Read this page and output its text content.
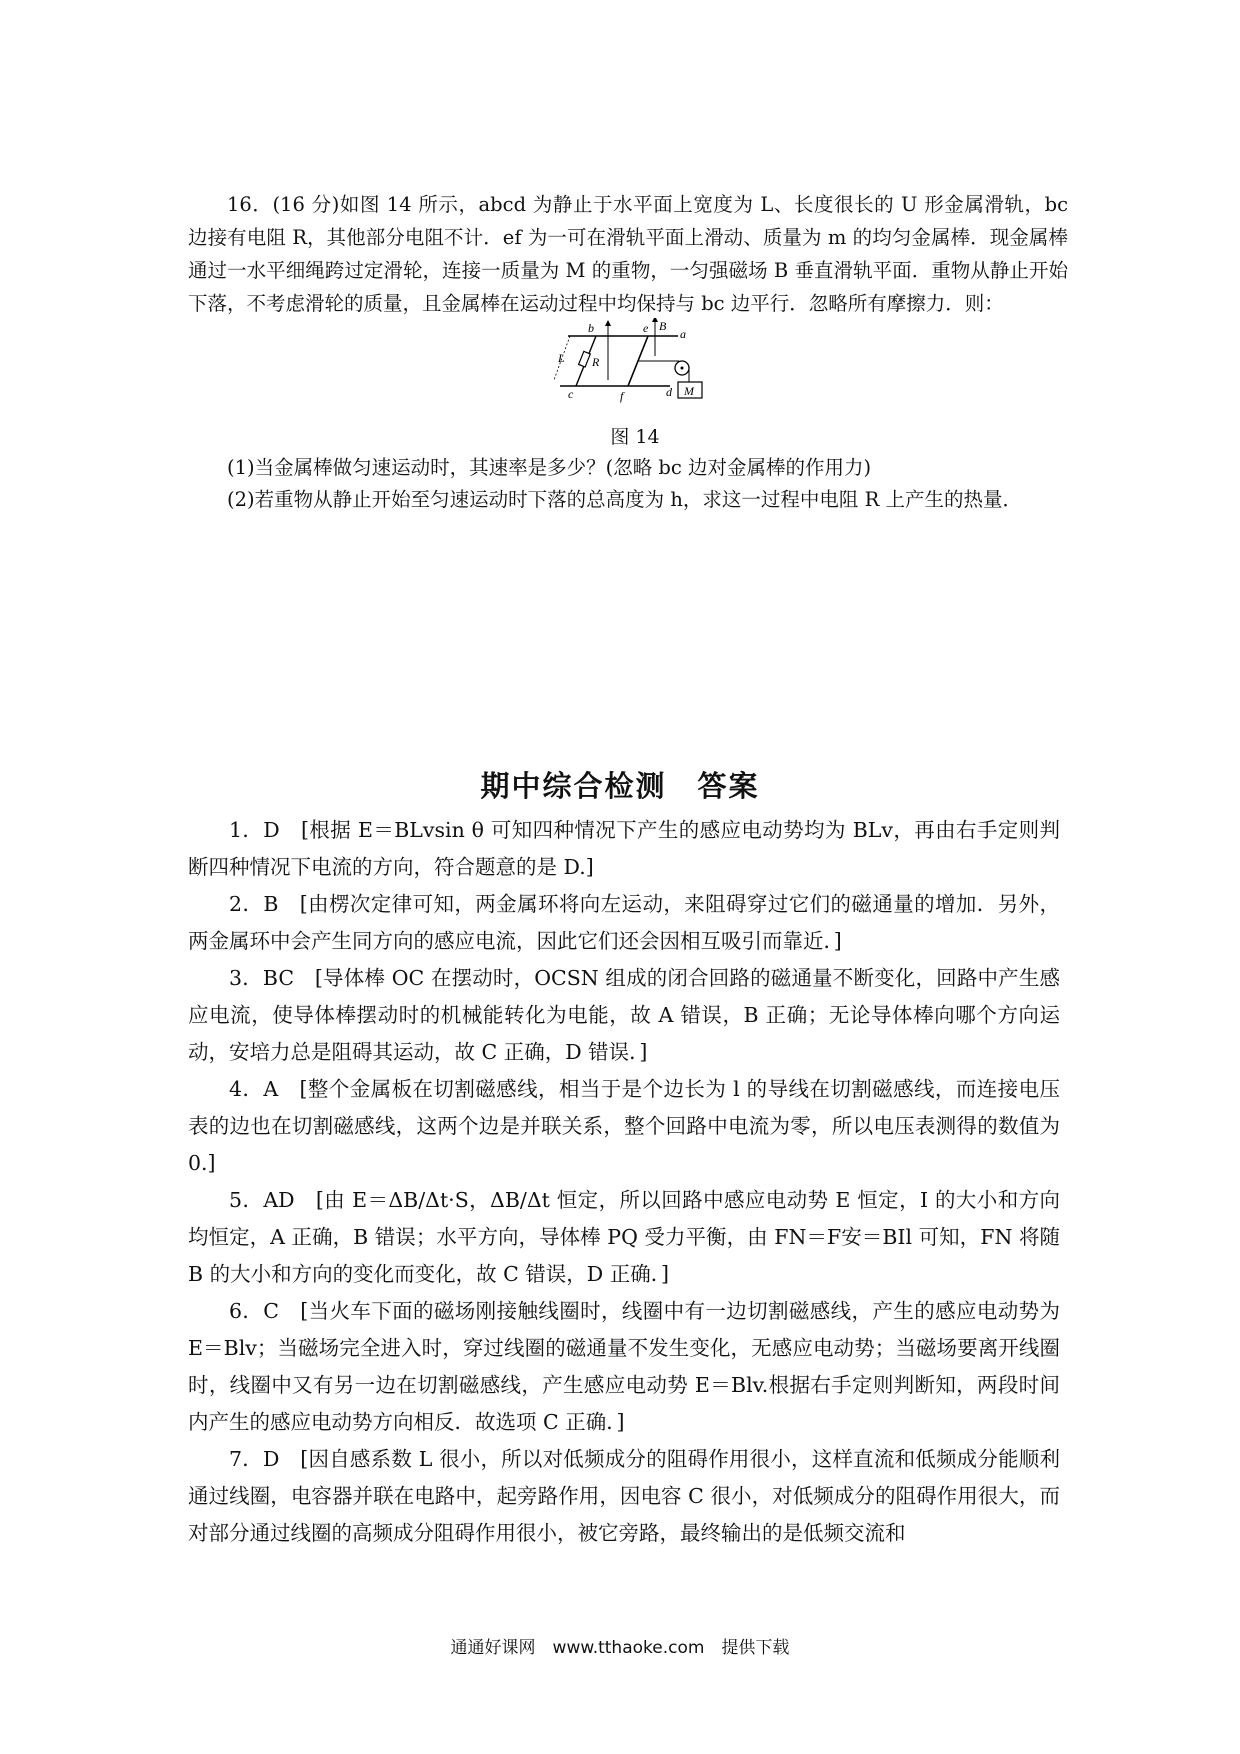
16．(16 分)如图 14 所示，abcd 为静止于水平面上宽度为 L、长度很长的 U 形金属滑轨，bc 边接有电阻 R，其他部分电阻不计．ef 为一可在滑轨平面上滑动、质量为 m 的均匀金属棒．现金属棒通过一水平细绳跨过定滑轮，连接一质量为 M 的重物，一匀强磁场 B 垂直滑轨平面．重物从静止开始下落，不考虑滑轮的质量，且金属棒在运动过程中均保持与 bc 边平行．忽略所有摩擦力．则：

b	e B
a
L R
c	f	d M
图 14

(1)当金属棒做匀速运动时，其速率是多少？(忽略 bc 边对金属棒的作用力)

(2)若重物从静止开始至匀速运动时下落的总高度为 h，求这一过程中电阻 R 上产生的热量．

期中综合检测　答案

1．D　[根据 E＝BLvsin θ 可知四种情况下产生的感应电动势均为 BLv，再由右手定则判断四种情况下电流的方向，符合题意的是 D.]

2．B　[由楞次定律可知，两金属环将向左运动，来阻碍穿过它们的磁通量的增加．另外，两金属环中会产生同方向的感应电流，因此它们还会因相互吸引而靠近．]

3．BC　[导体棒 OC 在摆动时，OCSN 组成的闭合回路的磁通量不断变化，回路中产生感应电流，使导体棒摆动时的机械能转化为电能，故 A 错误，B 正确；无论导体棒向哪个方向运动，安培力总是阻碍其运动，故 C 正确，D 错误．]

4．A　[整个金属板在切割磁感线，相当于是个边长为 l 的导线在切割磁感线，而连接电压表的边也在切割磁感线，这两个边是并联关系，整个回路中电流为零，所以电压表测得的数值为 0.]

5．AD　[由 E＝ΔB/Δt·S，ΔB/Δt 恒定，所以回路中感应电动势 E 恒定，I 的大小和方向均恒定，A 正确，B 错误；水平方向，导体棒 PQ 受力平衡，由 FN＝F安＝BIl 可知，FN 将随 B 的大小和方向的变化而变化，故 C 错误，D 正确．]

6．C　[当火车下面的磁场刚接触线圈时，线圈中有一边切割磁感线，产生的感应电动势为 E＝Blv；当磁场完全进入时，穿过线圈的磁通量不发生变化，无感应电动势；当磁场要离开线圈时，线圈中又有另一边在切割磁感线，产生感应电动势 E＝Blv.根据右手定则判断知，两段时间内产生的感应电动势方向相反．故选项 C 正确．]

7．D　[因自感系数 L 很小，所以对低频成分的阻碍作用很小，这样直流和低频成分能顺利通过线圈，电容器并联在电路中，起旁路作用，因电容 C 很小，对低频成分的阻碍作用很大，而对部分通过线圈的高频成分阻碍作用很小，被它旁路，最终输出的是低频交流和

通通好课网　www.tthaoke.com　提供下载
